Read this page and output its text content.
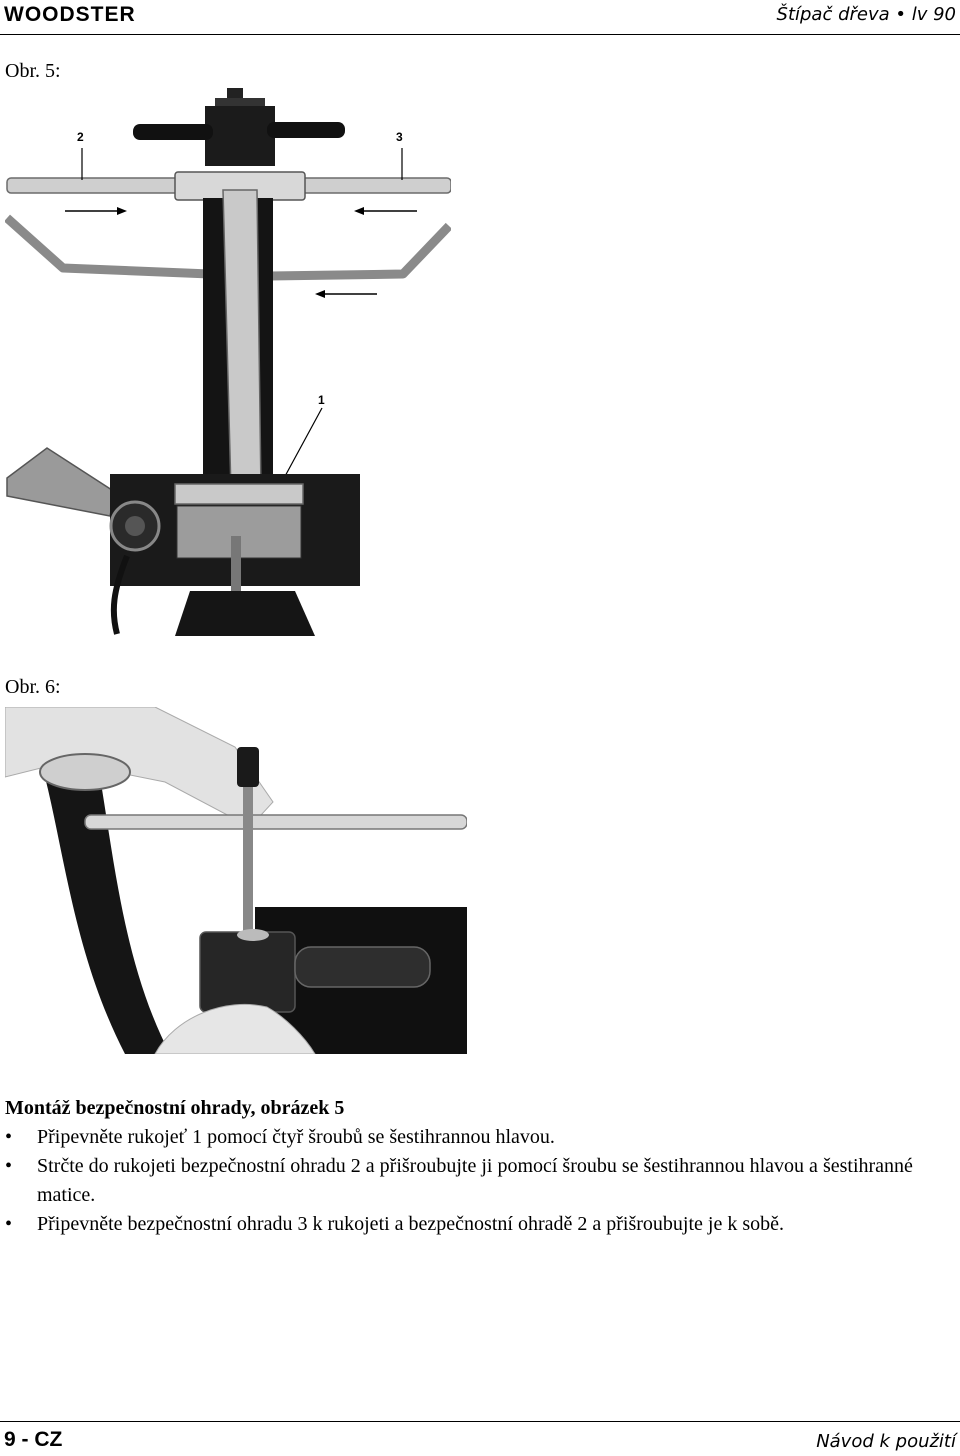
WOODSTER	Štípač dřeva • lv 90
Obr. 5:
2	3
1
Obr. 6:
Montáž bezpečnostní ohrady, obrázek 5
• Připevněte rukojeť 1 pomocí čtyř šroubů se šestihrannou hlavou.
• Strčte do rukojeti bezpečnostní ohradu 2 a přišroubujte ji pomocí šroubu se šestihrannou hlavou a šestihranné matice.
• Připevněte bezpečnostní ohradu 3 k rukojeti a bezpečnostní ohradě 2 a přišroubujte je k sobě.
9 - CZ	Návod k použití
